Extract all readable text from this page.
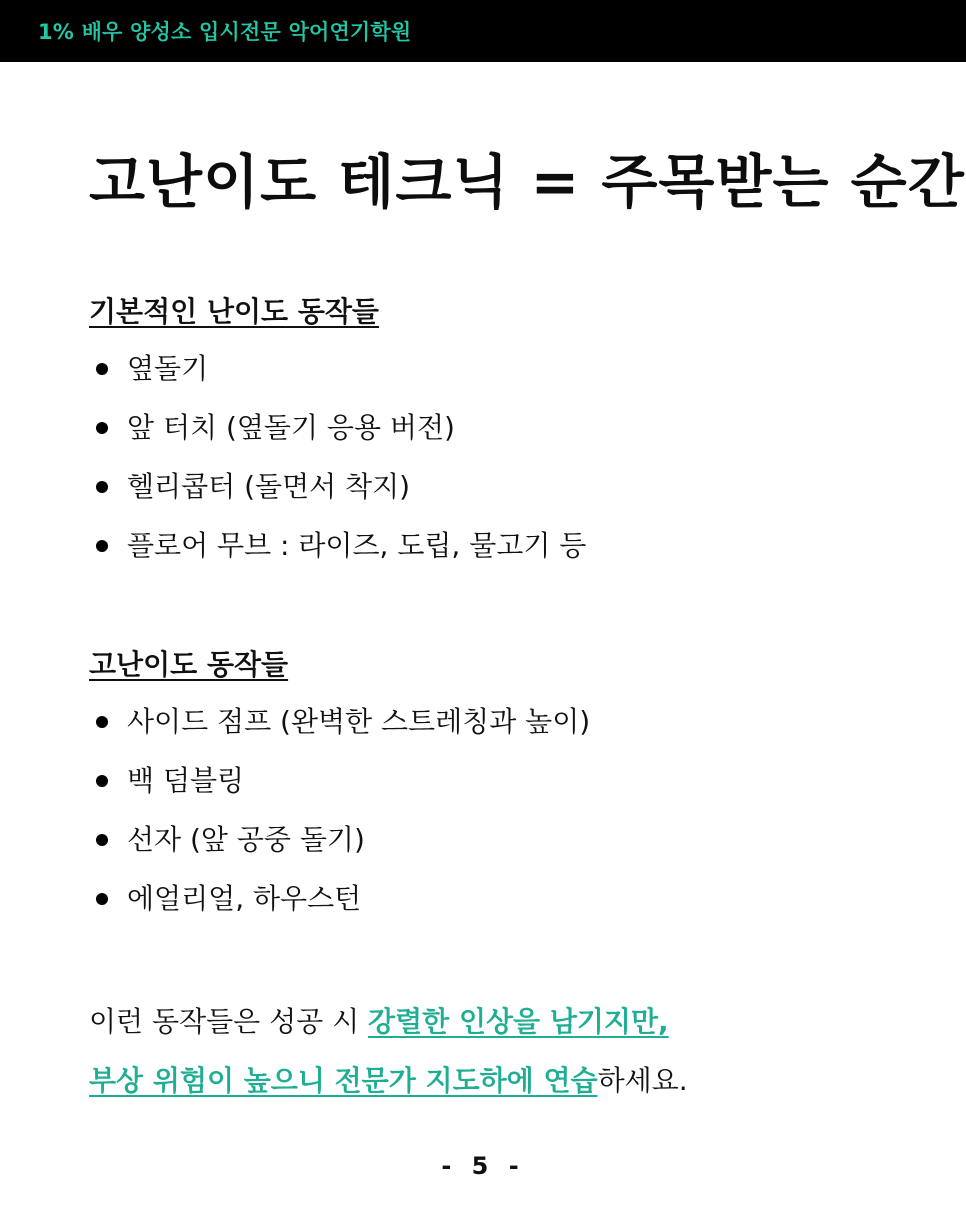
1% 배우 양성소 입시전문 악어연기학원
고난이도 테크닉 = 주목받는 순간
기본적인 난이도 동작들
옆돌기
앞 터치 (옆돌기 응용 버전)
헬리콥터 (돌면서 착지)
플로어 무브 : 라이즈, 도립, 물고기 등
고난이도 동작들
사이드 점프 (완벽한 스트레칭과 높이)
백 덤블링
선자 (앞 공중 돌기)
에얼리얼, 하우스턴
이런 동작들은 성공 시 강렬한 인상을 남기지만,
부상 위험이 높으니 전문가 지도하에 연습하세요.
- 5 -
